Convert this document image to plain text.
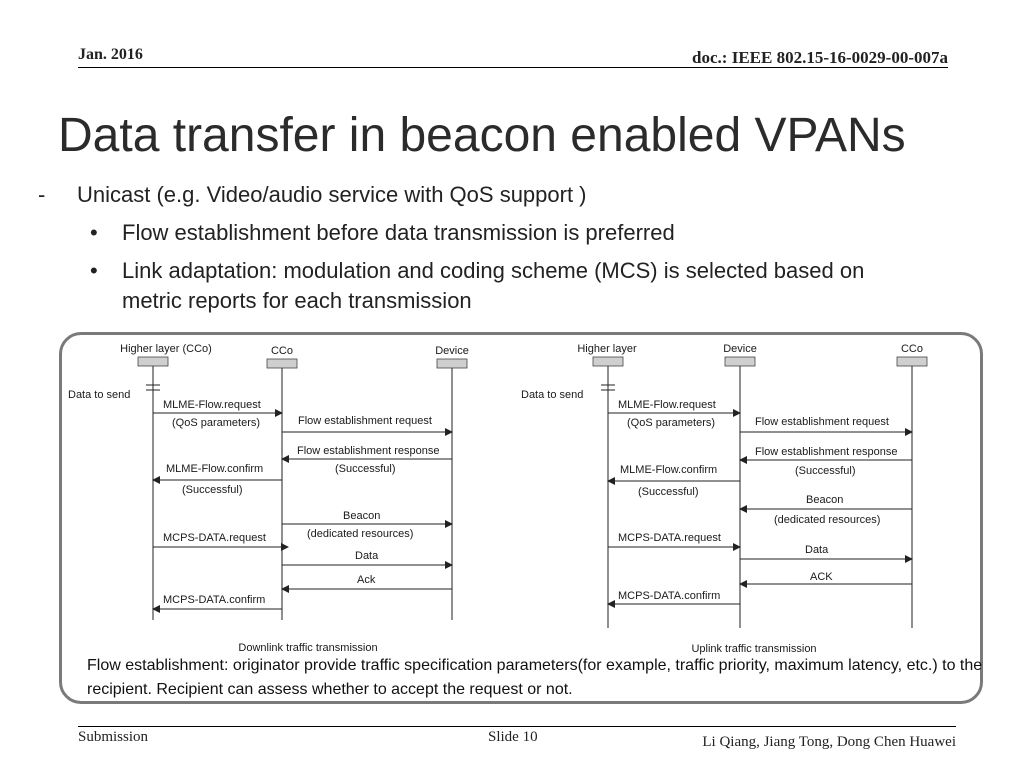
Jan. 2016	doc.: IEEE 802.15-16-0029-00-007a
Data transfer in beacon enabled VPANs
- Unicast (e.g. Video/audio service with QoS support )
• Flow establishment before data transmission is preferred
• Link adaptation: modulation and coding scheme (MCS) is selected based on
metric reports for each transmission
Higher layer (CCo)	CCo	Device
Data to send
MLME-Flow.request
(QoS parameters)	Flow establishment request
Flow establishment response
(Successful)
MLME-Flow.confirm
(Successful)
Beacon
(dedicated resources)
MCPS-DATA.request
Data
Ack
MCPS-DATA.confirm
Downlink traffic transmission
Higher layer	Device	CCo
Data to send
MLME-Flow.request
(QoS parameters)	Flow establishment request
Flow establishment response
(Successful)
MLME-Flow.confirm
(Successful)
Beacon
(dedicated resources)
MCPS-DATA.request
Data
ACK
MCPS-DATA.confirm
Uplink traffic transmission
Flow establishment: originator provide traffic specification parameters(for example, traffic priority, maximum latency, etc.) to the recipient. Recipient can assess whether to accept the request or not.
Submission	Slide 10	Li Qiang, Jiang Tong, Dong Chen Huawei
